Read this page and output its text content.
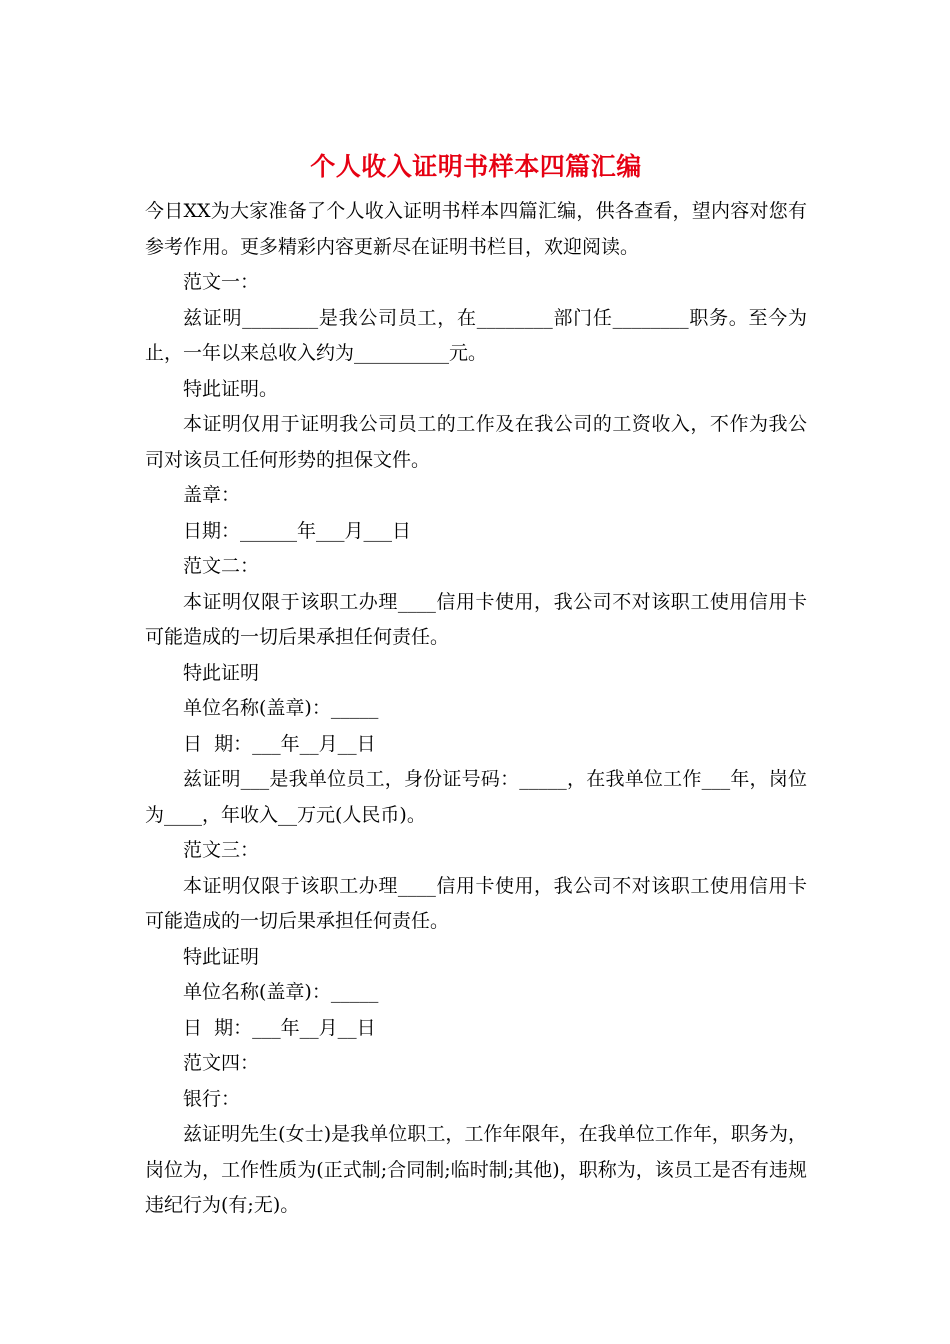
个人收入证明书样本四篇汇编

今日XX为大家准备了个人收入证明书样本四篇汇编，供各查看，望内容对您有参考作用。更多精彩内容更新尽在证明书栏目，欢迎阅读。

范文一：

兹证明________是我公司员工，在________部门任________职务。至今为止，一年以来总收入约为__________元。

特此证明。

本证明仅用于证明我公司员工的工作及在我公司的工资收入，不作为我公司对该员工任何形势的担保文件。

盖章：

日期：______年___月___日

范文二：

本证明仅限于该职工办理____信用卡使用，我公司不对该职工使用信用卡可能造成的一切后果承担任何责任。

特此证明

单位名称(盖章)：_____

日  期：___年__月__日

兹证明___是我单位员工，身份证号码：_____，在我单位工作___年，岗位为____，年收入__万元(人民币)。

范文三：

本证明仅限于该职工办理____信用卡使用，我公司不对该职工使用信用卡可能造成的一切后果承担任何责任。

特此证明

单位名称(盖章)：_____

日  期：___年__月__日

范文四：

银行：

兹证明先生(女士)是我单位职工，工作年限年，在我单位工作年，职务为，岗位为，工作性质为(正式制;合同制;临时制;其他)，职称为，该员工是否有违规违纪行为(有;无)。
